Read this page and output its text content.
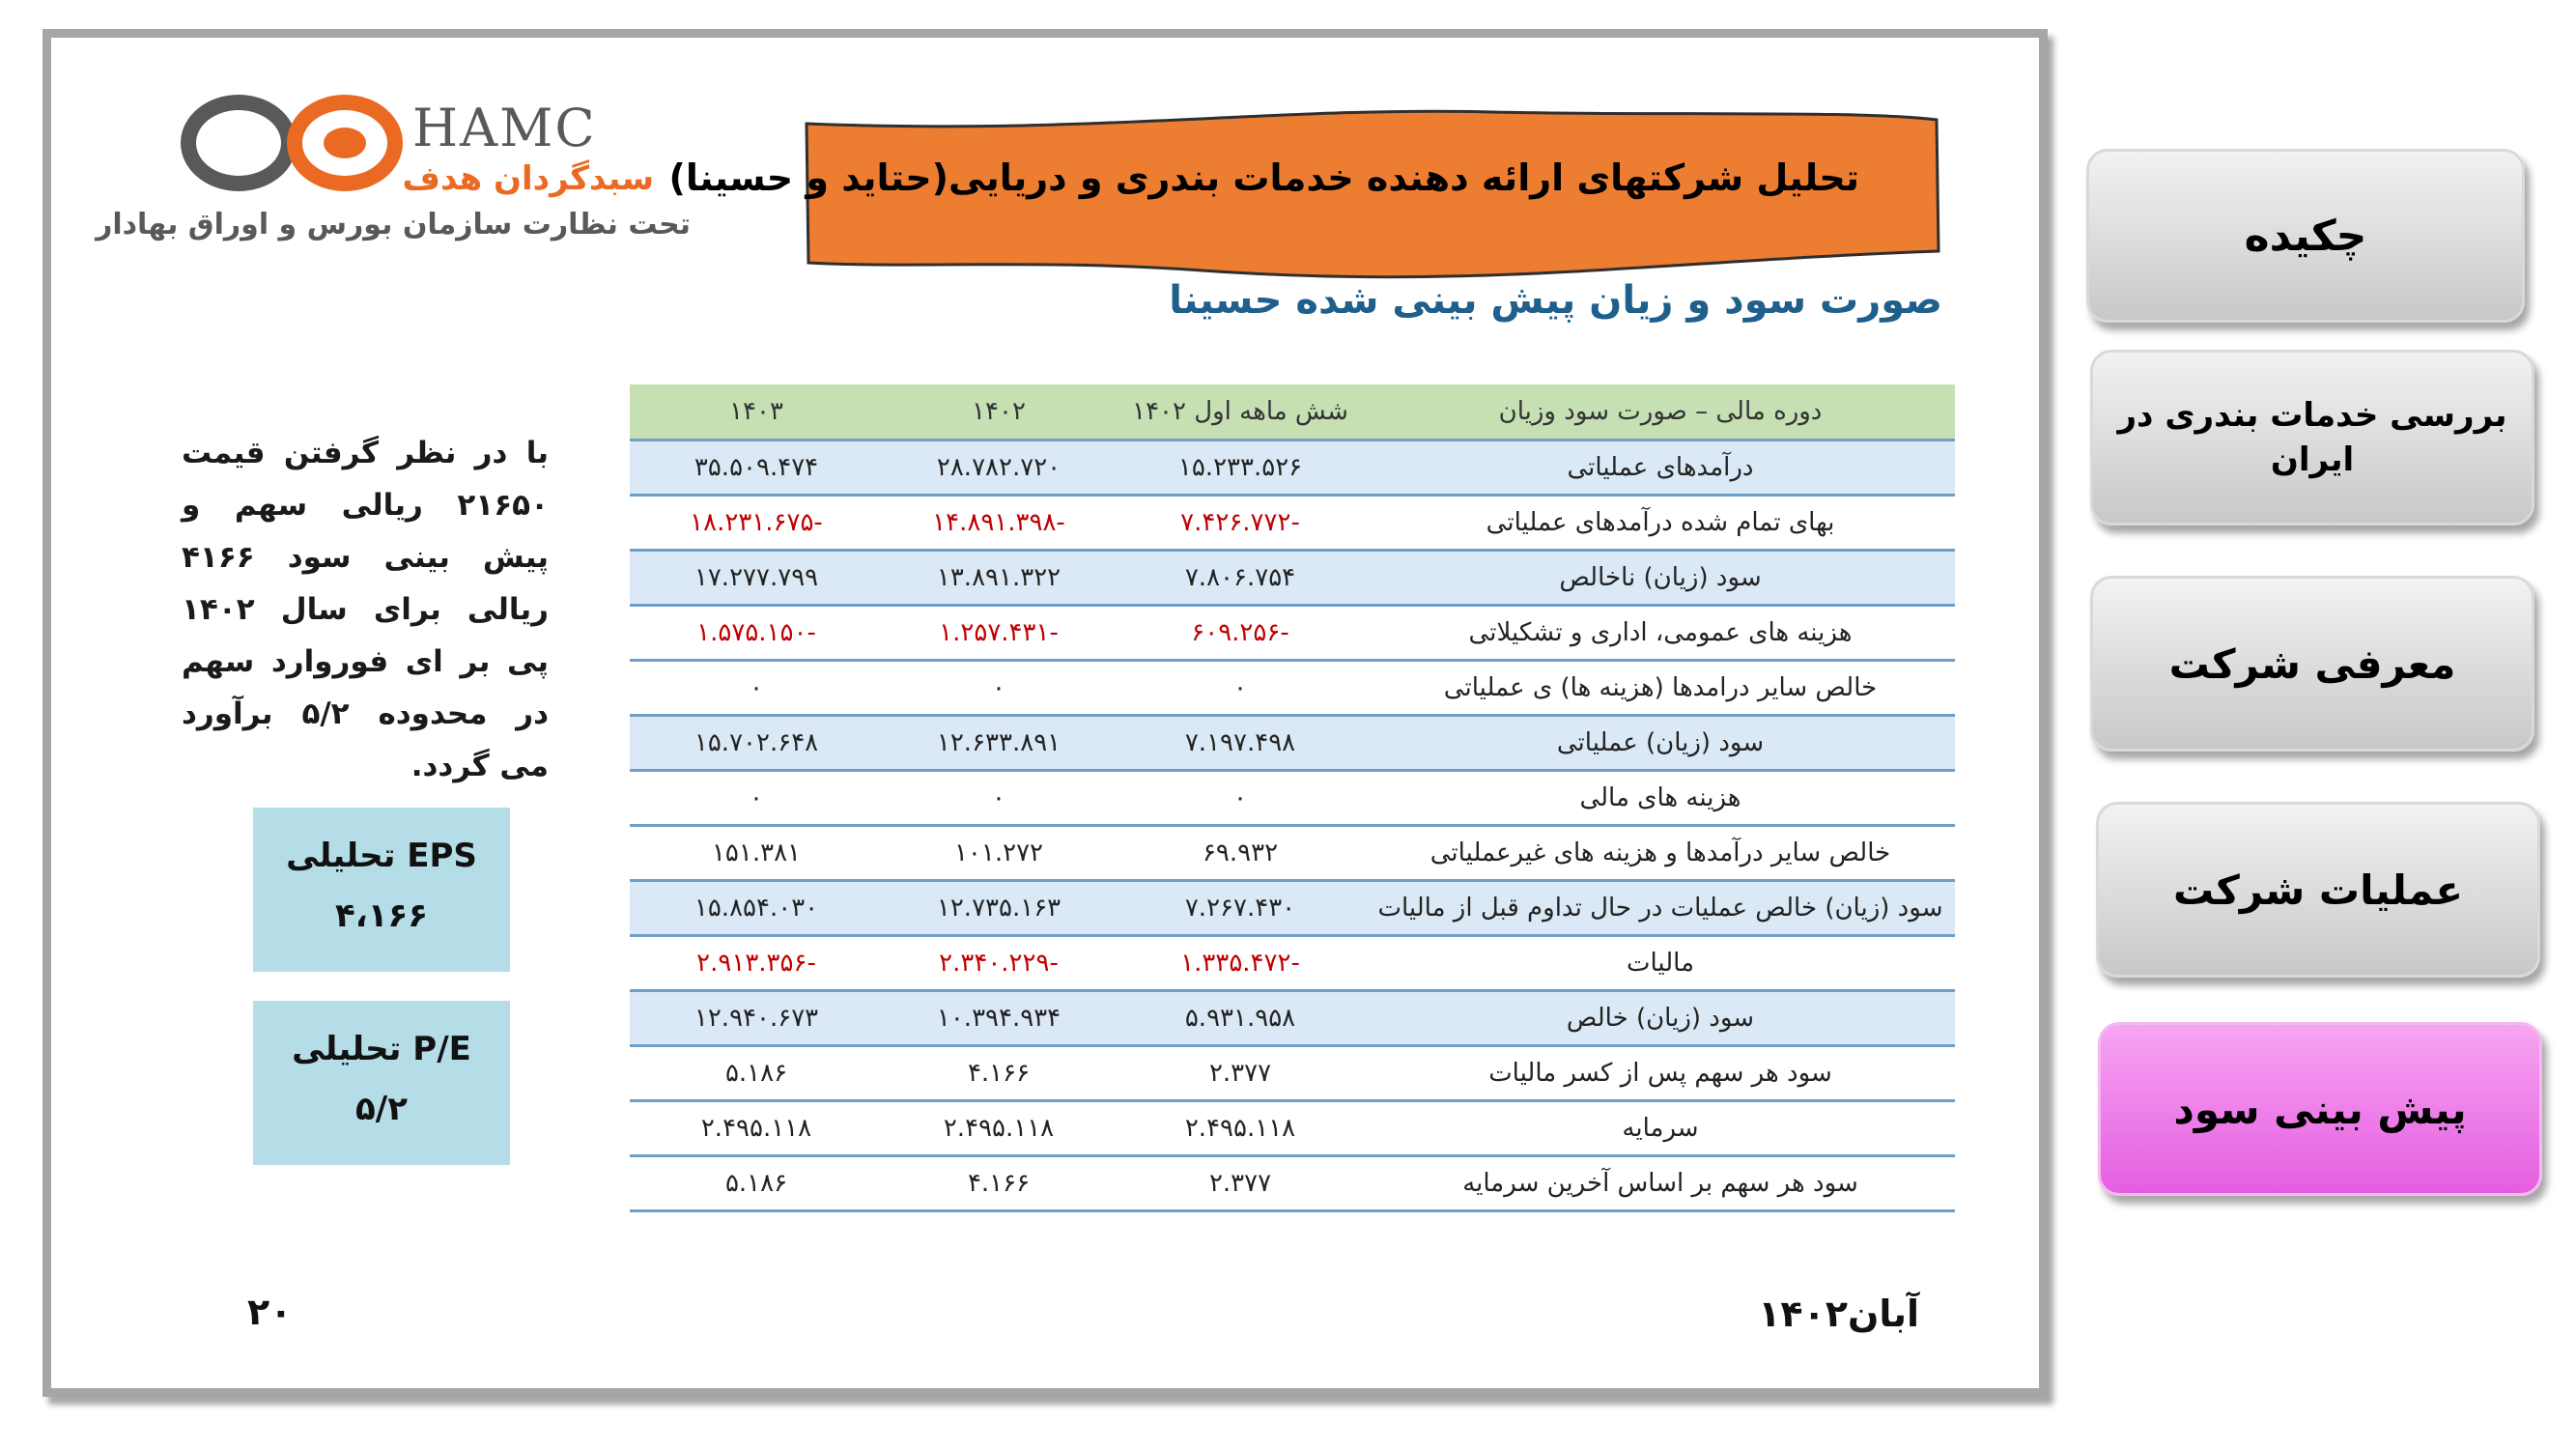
HAMC
سبدگردان هدف
تحت نظارت سازمان بورس و اوراق بهادار
تحلیل شرکتهای ارائه دهنده خدمات بندری و دریایی(حتاید و حسینا)
صورت سود و زیان پیش بینی شده حسینا
دوره مالی – صورت سود وزیان	شش ماهه اول ۱۴۰۲	۱۴۰۲	۱۴۰۳
درآمدهای عملیاتی	۱۵.۲۳۳.۵۲۶	۲۸.۷۸۲.۷۲۰	۳۵.۵۰۹.۴۷۴
بهای تمام شده درآمدهای عملیاتی	-۷.۴۲۶.۷۷۲	-۱۴.۸۹۱.۳۹۸	-۱۸.۲۳۱.۶۷۵
سود (زیان) ناخالص	۷.۸۰۶.۷۵۴	۱۳.۸۹۱.۳۲۲	۱۷.۲۷۷.۷۹۹
هزینه های عمومی، اداری و تشکیلاتی	-۶۰۹.۲۵۶	-۱.۲۵۷.۴۳۱	-۱.۵۷۵.۱۵۰
خالص سایر درامدها (هزینه ها) ی عملیاتی	۰	۰	۰
سود (زیان) عملیاتی	۷.۱۹۷.۴۹۸	۱۲.۶۳۳.۸۹۱	۱۵.۷۰۲.۶۴۸
هزینه های مالی	۰	۰	۰
خالص سایر درآمدها و هزینه های غیرعملیاتی	۶۹.۹۳۲	۱۰۱.۲۷۲	۱۵۱.۳۸۱
سود (زیان) خالص عملیات در حال تداوم قبل از مالیات	۷.۲۶۷.۴۳۰	۱۲.۷۳۵.۱۶۳	۱۵.۸۵۴.۰۳۰
مالیات	-۱.۳۳۵.۴۷۲	-۲.۳۴۰.۲۲۹	-۲.۹۱۳.۳۵۶
سود (زیان) خالص	۵.۹۳۱.۹۵۸	۱۰.۳۹۴.۹۳۴	۱۲.۹۴۰.۶۷۳
سود هر سهم پس از کسر مالیات	۲.۳۷۷	۴.۱۶۶	۵.۱۸۶
سرمایه	۲.۴۹۵.۱۱۸	۲.۴۹۵.۱۱۸	۲.۴۹۵.۱۱۸
سود هر سهم بر اساس آخرین سرمایه	۲.۳۷۷	۴.۱۶۶	۵.۱۸۶
با در نظر گرفتن قیمت ۲۱۶۵۰ ریالی سهم و پیش بینی سود ۴۱۶۶ ریالی برای سال ۱۴۰۲ پی بر ای فوروارد سهم در محدوده ۵/۲ برآورد می گردد.
EPS تحلیلی
۴،۱۶۶
P/E تحلیلی
۵/۲
۲۰	آبان۱۴۰۲
چکیده
بررسی خدمات بندری در ایران
معرفی شرکت
عملیات شرکت
پیش بینی سود
